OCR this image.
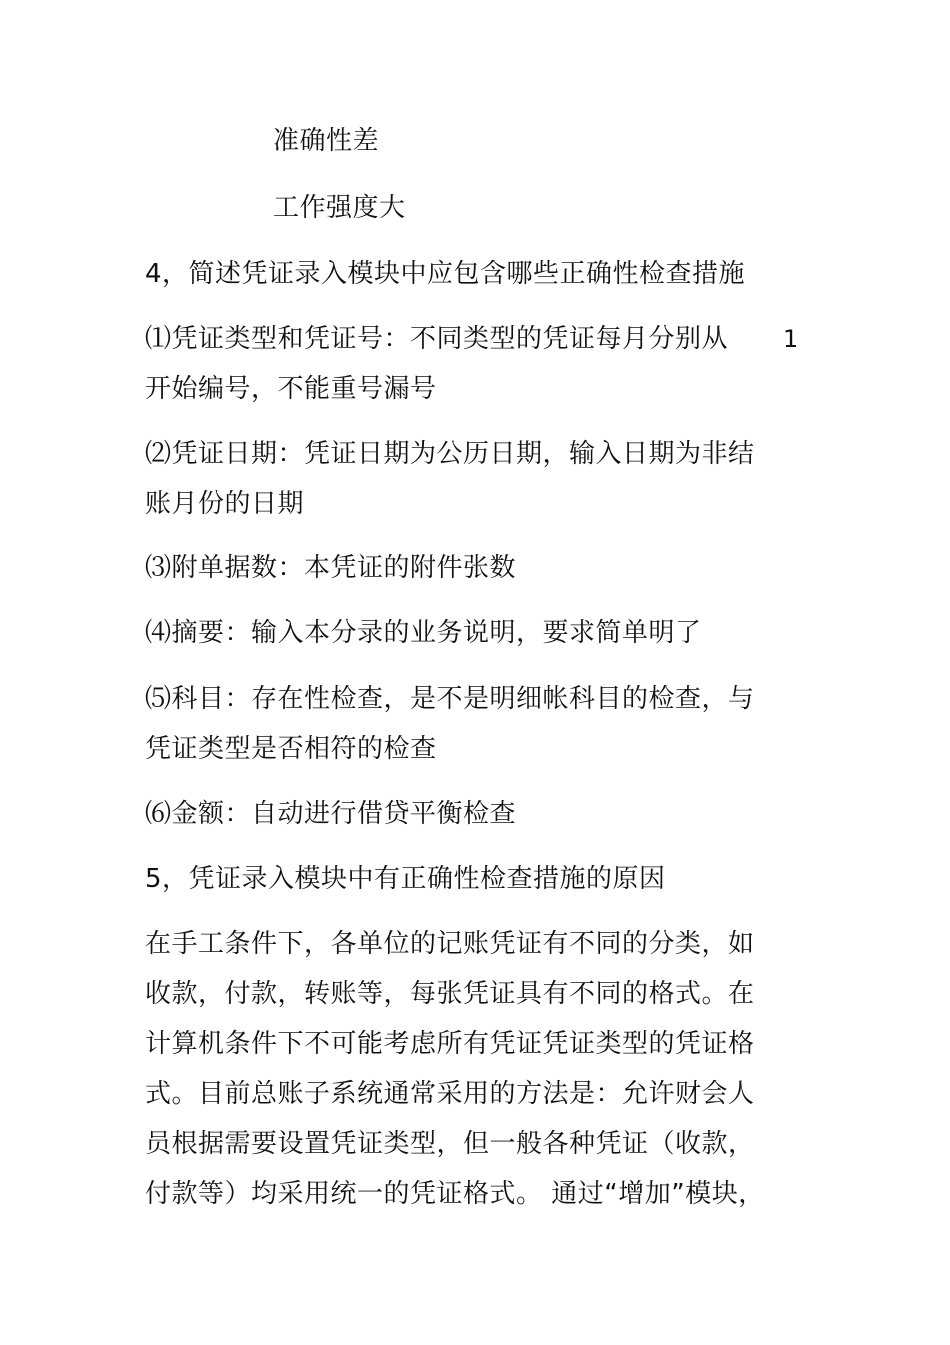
准确性差
工作强度大
4，简述凭证录入模块中应包含哪些正确性检查措施
⑴凭证类型和凭证号：不同类型的凭证每月分别从 1
开始编号，不能重号漏号
⑵凭证日期：凭证日期为公历日期，输入日期为非结
账月份的日期
⑶附单据数：本凭证的附件张数
⑷摘要：输入本分录的业务说明，要求简单明了
⑸科目：存在性检查，是不是明细帐科目的检查，与
凭证类型是否相符的检查
⑹金额：自动进行借贷平衡检查
5，凭证录入模块中有正确性检查措施的原因
在手工条件下，各单位的记账凭证有不同的分类，如
收款，付款，转账等，每张凭证具有不同的格式。在
计算机条件下不可能考虑所有凭证凭证类型的凭证格
式。目前总账子系统通常采用的方法是：允许财会人
员根据需要设置凭证类型，但一般各种凭证（收款，
付款等）均采用统一的凭证格式。 通过“增加”模块，
